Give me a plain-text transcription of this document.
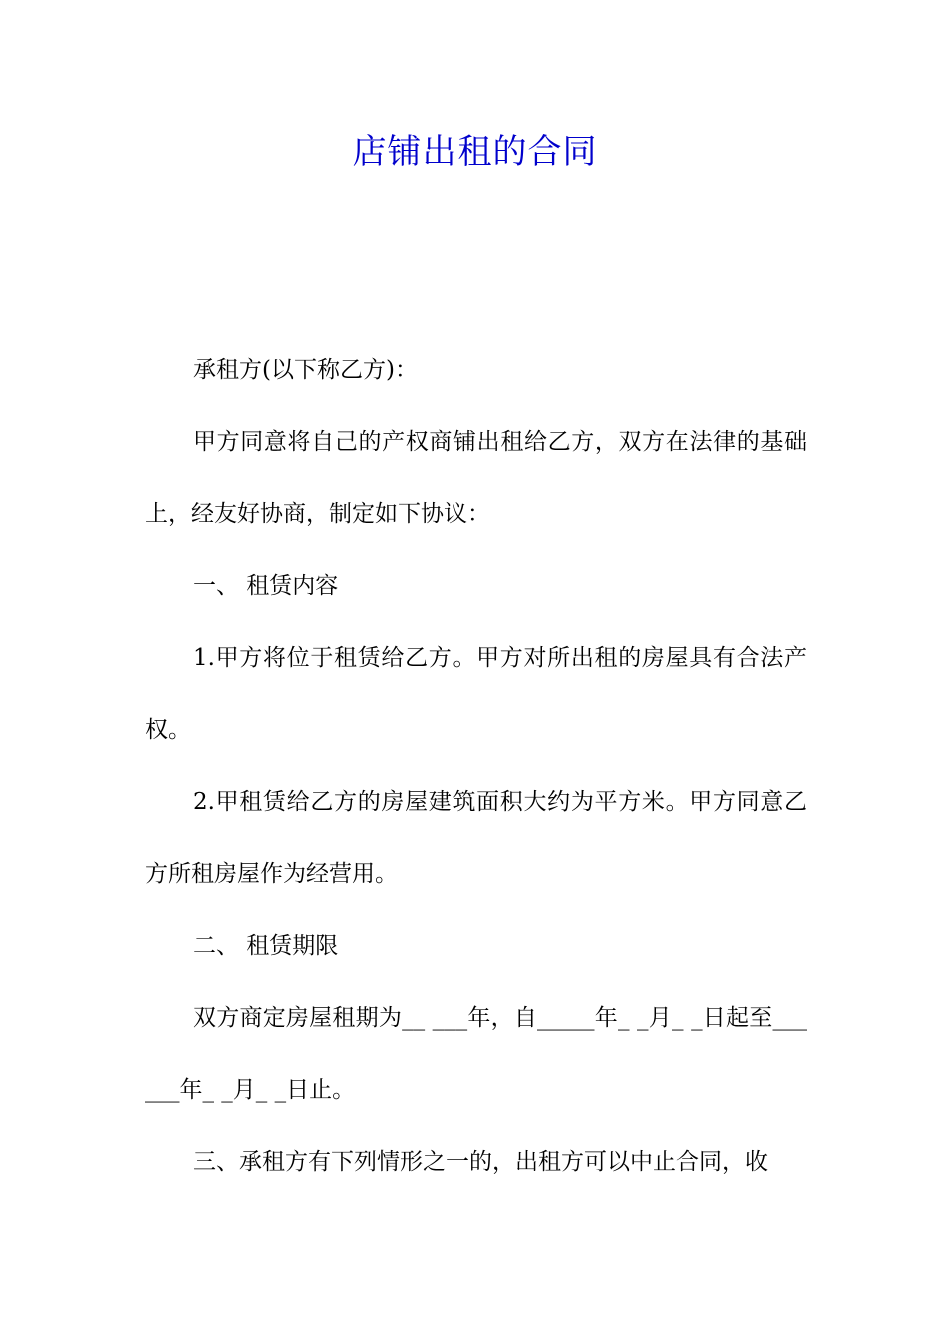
店铺出租的合同

承租方(以下称乙方)：

甲方同意将自己的产权商铺出租给乙方，双方在法律的基础上，经友好协商，制定如下协议：

一、 租赁内容

1.甲方将位于租赁给乙方。甲方对所出租的房屋具有合法产权。

2.甲租赁给乙方的房屋建筑面积大约为平方米。甲方同意乙方所租房屋作为经营用。

二、 租赁期限

双方商定房屋租期为__ ___年，自_____年_ _月_ _日起至___ ___年_ _月_ _日止。

三、承租方有下列情形之一的，出租方可以中止合同，收
